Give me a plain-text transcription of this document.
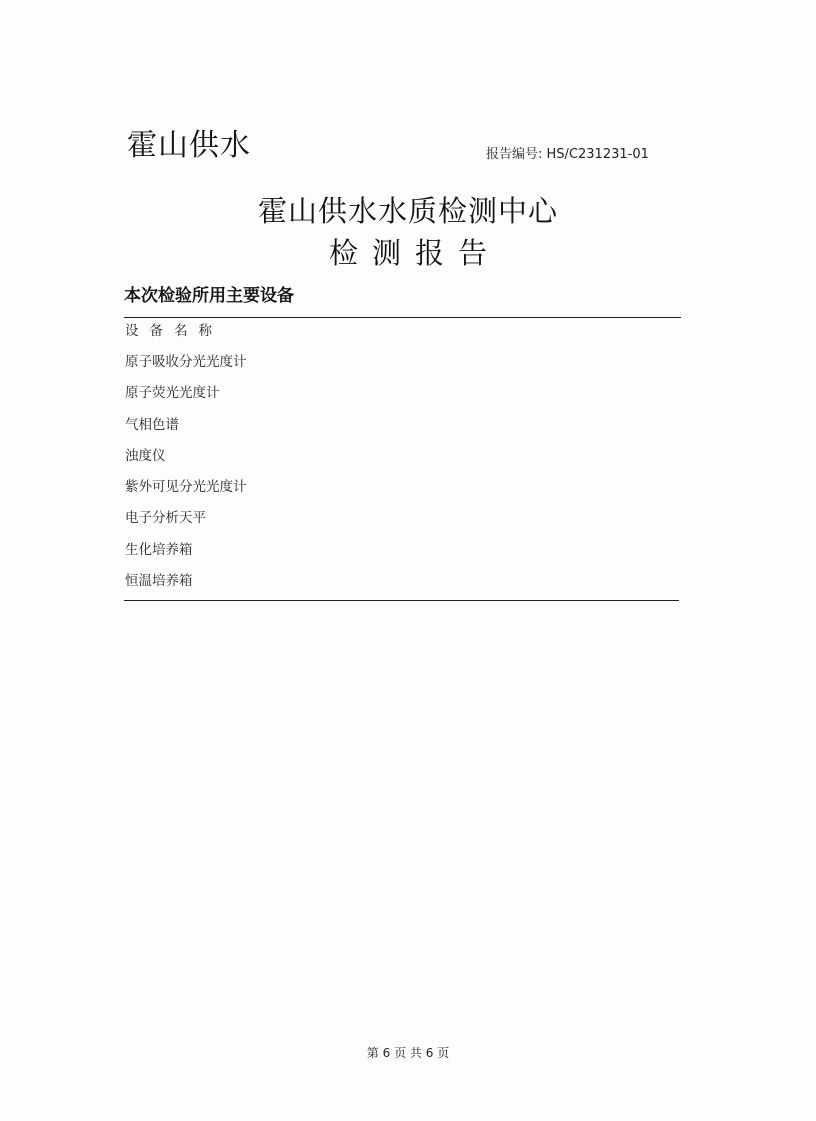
霍山供水	报告编号: HS/C231231-01
霍山供水水质检测中心
检测报告
本次检验所用主要设备
设备名称
原子吸收分光光度计
原子荧光光度计
气相色谱
浊度仪
紫外可见分光光度计
电子分析天平
生化培养箱
恒温培养箱
第 6 页 共 6 页
